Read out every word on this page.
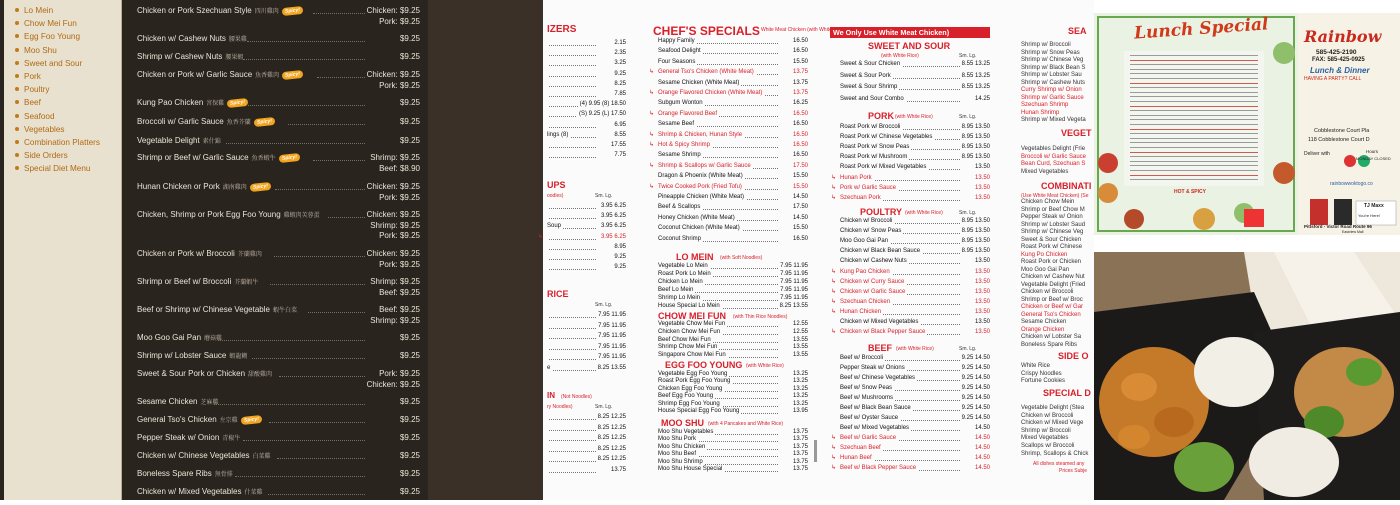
Lo Mein
Chow Mei Fun
Egg Foo Young
Moo Shu
Sweet and Sour
Pork
Poultry
Beef
Seafood
Vegetables
Combination Platters
Side Orders
Special Diet Menu
Chicken or Pork Szechuan Style 四川雞肉	Spicy!	Chicken: $9.25
Pork: $9.25
Chicken w/ Cashew Nuts 腰果雞	$9.25
Shrimp w/ Cashew Nuts 腰果蝦	$9.25
Chicken or Pork w/ Garlic Sauce 魚香雞肉	Spicy!	Chicken: $9.25
Pork: $9.25
Kung Pao Chicken 宮保雞	Spicy!	$9.25
Broccoli w/ Garlic Sauce 魚香芥蘭	Spicy!	$9.25
Vegetable Delight 素什錦	$9.25
Shrimp or Beef w/ Garlic Sauce 魚香蝦牛	Spicy!	Shrimp: $9.25
Beef: $8.90
Hunan Chicken or Pork 湖南雞肉	Spicy!	Chicken: $9.25
Pork: $9.25
Chicken, Shrimp or Pork Egg Foo Young 雞蝦肉芙蓉蛋	Chicken: $9.25
Shrimp: $9.25
Pork: $9.25
Chicken or Pork w/ Broccoli 芥蘭雞肉	Chicken: $9.25
Pork: $9.25
Shrimp or Beef w/ Broccoli 芥蘭蝦牛	Shrimp: $9.25
Beef: $9.25
Beef or Shrimp w/ Chinese Vegetable 蝦牛白菜	Beef: $9.25
Shrimp: $9.25
Moo Goo Gai Pan 蘑菇雞	$9.25
Shrimp w/ Lobster Sauce 蝦龍糊	$9.25
Sweet & Sour Pork or Chicken 甜酸雞肉	Pork: $9.25
Chicken: $9.25
Sesame Chicken 芝麻雞	$9.25
General Tso's Chicken 左宗雞	Spicy!	$9.25
Pepper Steak w/ Onion 青椒牛	$9.25
Chicken w/ Chinese Vegetables 白菜雞	$9.25
Boneless Spare Ribs 無骨排	$9.25
Chicken w/ Mixed Vegetables 什菜雞	$9.25
IZERS
2.15
2.35
3.25
9.25
8.25
7.85
(4) 9.95 (8) 18.50
(S) 9.25 (L) 17.50
6.95
lings (8)	8.55
17.55
7.75
UPS
oodles)	Sm. Lg.
3.95 6.25
3.95 6.25
Soup	3.95 6.25
↳	3.95 6.25
8.95
9.25
9.25
RICE
Sm. Lg.
7.95 11.95
7.95 11.95
7.95 11.95
7.95 11.95
7.95 11.95
e	8.25 13.55
IN (Not Noodles)
ry Noodles)	Sm. Lg.
8.25 12.25
8.25 12.25
8.25 12.25
8.25 12.25
8.25 12.25
13.75
CHEF'S SPECIALS White Meat Chicken (with White Rice)
Happy Family	16.50
Seafood Delight	16.50
Four Seasons	15.50
↳ General Tso's Chicken (White Meat)	13.75
Sesame Chicken (White Meat)	13.75
↳ Orange Flavored Chicken (White Meat)	13.75
Subgum Wonton	16.25
↳ Orange Flavored Beef	16.50
Sesame Beef	16.50
↳ Shrimp & Chicken, Hunan Style	16.50
↳ Hot & Spicy Shrimp	16.50
Sesame Shrimp	16.50
↳ Shrimp & Scallops w/ Garlic Sauce	17.50
Dragon & Phoenix (White Meat)	15.50
↳ Twice Cooked Pork (Fried Tofu)	15.50
Pineapple Chicken (White Meat)	14.50
Beef & Scallops	17.50
Honey Chicken (White Meat)	14.50
Coconut Chicken (White Meat)	15.50
Coconut Shrimp	16.50
LO MEIN (with Soft Noodles)
Vegetable Lo Mein	7.95 11.95
Roast Pork Lo Mein	7.95 11.95
Chicken Lo Mein	7.95 11.95
Beef Lo Mein	7.95 11.95
Shrimp Lo Mein	7.95 11.95
House Special Lo Mein	8.25 13.55
CHOW MEI FUN (with Thin Rice Noodles)
Vegetable Chow Mei Fun	12.55
Chicken Chow Mei Fun	12.55
Beef Chow Mei Fun	13.55
Shrimp Chow Mei Fun	13.55
Singapore Chow Mei Fun	13.55
EGG FOO YOUNG (with White Rice)
Vegetable Egg Foo Young	13.25
Roast Pork Egg Foo Young	13.25
Chicken Egg Foo Young	13.25
Beef Egg Foo Young	13.25
Shrimp Egg Foo Young	13.25
House Special Egg Foo Young	13.95
MOO SHU (with 4 Pancakes and White Rice)
Moo Shu Vegetables	13.75
Moo Shu Pork	13.75
Moo Shu Chicken	13.75
Moo Shu Beef	13.75
Moo Shu Shrimp	13.75
Moo Shu House Special	13.75
We Only Use White Meat Chicken)
SWEET AND SOUR
(with White Rice)	Sm. Lg.
Sweet & Sour Chicken	8.55 13.25
Sweet & Sour Pork	8.55 13.25
Sweet & Sour Shrimp	8.55 13.25
Sweet and Sour Combo	14.25
PORK (with White Rice)	Sm. Lg.
Roast Pork w/ Broccoli	8.95 13.50
Roast Pork w/ Chinese Vegetables	8.95 13.50
Roast Pork w/ Snow Peas	8.95 13.50
Roast Pork w/ Mushroom	8.95 13.50
Roast Pork w/ Mixed Vegetables	13.50
↳ Hunan Pork	13.50
↳ Pork w/ Garlic Sauce	13.50
↳ Szechuan Pork	13.50
POULTRY (with White Rice)	Sm. Lg.
Chicken w/ Broccoli	8.95 13.50
Chicken w/ Snow Peas	8.95 13.50
Moo Goo Gai Pan	8.95 13.50
Chicken w/ Black Bean Sauce	8.95 13.50
Chicken w/ Cashew Nuts	13.50
↳ Kung Pao Chicken	13.50
↳ Chicken w/ Curry Sauce	13.50
↳ Chicken w/ Garlic Sauce	13.50
↳ Szechuan Chicken	13.50
↳ Hunan Chicken	13.50
Chicken w/ Mixed Vegetables	13.50
↳ Chicken w/ Black Pepper Sauce	13.50
BEEF (with White Rice)	Sm. Lg.
Beef w/ Broccoli	9.25 14.50
Pepper Steak w/ Onions	9.25 14.50
Beef w/ Chinese Vegetables	9.25 14.50
Beef w/ Snow Peas	9.25 14.50
Beef w/ Mushrooms	9.25 14.50
Beef w/ Black Bean Sauce	9.25 14.50
Beef w/ Oyster Sauce	9.25 14.50
Beef w/ Mixed Vegetables	14.50
↳ Beef w/ Garlic Sauce	14.50
↳ Szechuan Beef	14.50
↳ Hunan Beef	14.50
↳ Beef w/ Black Pepper Sauce	14.50
SEA
Shrimp w/ Broccoli
Shrimp w/ Snow Peas
Shrimp w/ Chinese Veg
Shrimp w/ Black Bean S
Shrimp w/ Lobster Sau
Shrimp w/ Cashew Nuts
Curry Shrimp w/ Onion
Shrimp w/ Garlic Sauce
Szechuan Shrimp
Hunan Shrimp
Shrimp w/ Mixed Vegeta
VEGET
Vegetables Delight (Frie
Broccoli w/ Garlic Sauce
Bean Curd, Szechuan S
Mixed Vegetables
COMBINATI
(Use White Meat Chicken) (Se
Chicken Chow Mein
Shrimp or Beef Chow M
Pepper Steak w/ Onion
Shrimp w/ Lobster Saud
Shrimp w/ Chinese Veg
Sweet & Sour Chicken
Roast Pork w/ Chinese
Kung Po Chicken
Roast Pork or Chicken
Moo Goo Gai Pan
Chicken w/ Cashew Nut
Vegetable Delight (Fried
Chicken w/ Broccoli
Shrimp or Beef w/ Broc
Chicken or Beef w/ Gar
General Tso's Chicken
Sesame Chicken
Orange Chicken
Chicken w/ Lobster Sa
Boneless Spare Ribs
SIDE O
White Rice
Crispy Noodles
Fortune Cookies
SPECIAL D
Vegetable Delight (Stea
Chicken w/ Broccoli
Chicken w/ Mixed Vege
Shrimp w/ Broccoli
Mixed Vegetables
Scallops w/ Broccoli
Shrimp, Scallops & Chick
All dishes steamed any
Prices Subje
Lunch Special Rainbow
585-425-2190
FAX: 585-425-0925
Lunch & Dinner
HAVING A PARTY? CALL
Cobblestone Court Pla
118 Cobblestone Court D
Deliver with	Hours
MONDAY CLOSED
rainbowwoktogo.co
TJ Maxx
You're Here!
Pittsford - Victor Road Route 96
Eastview Mall
HOT & SPICY
